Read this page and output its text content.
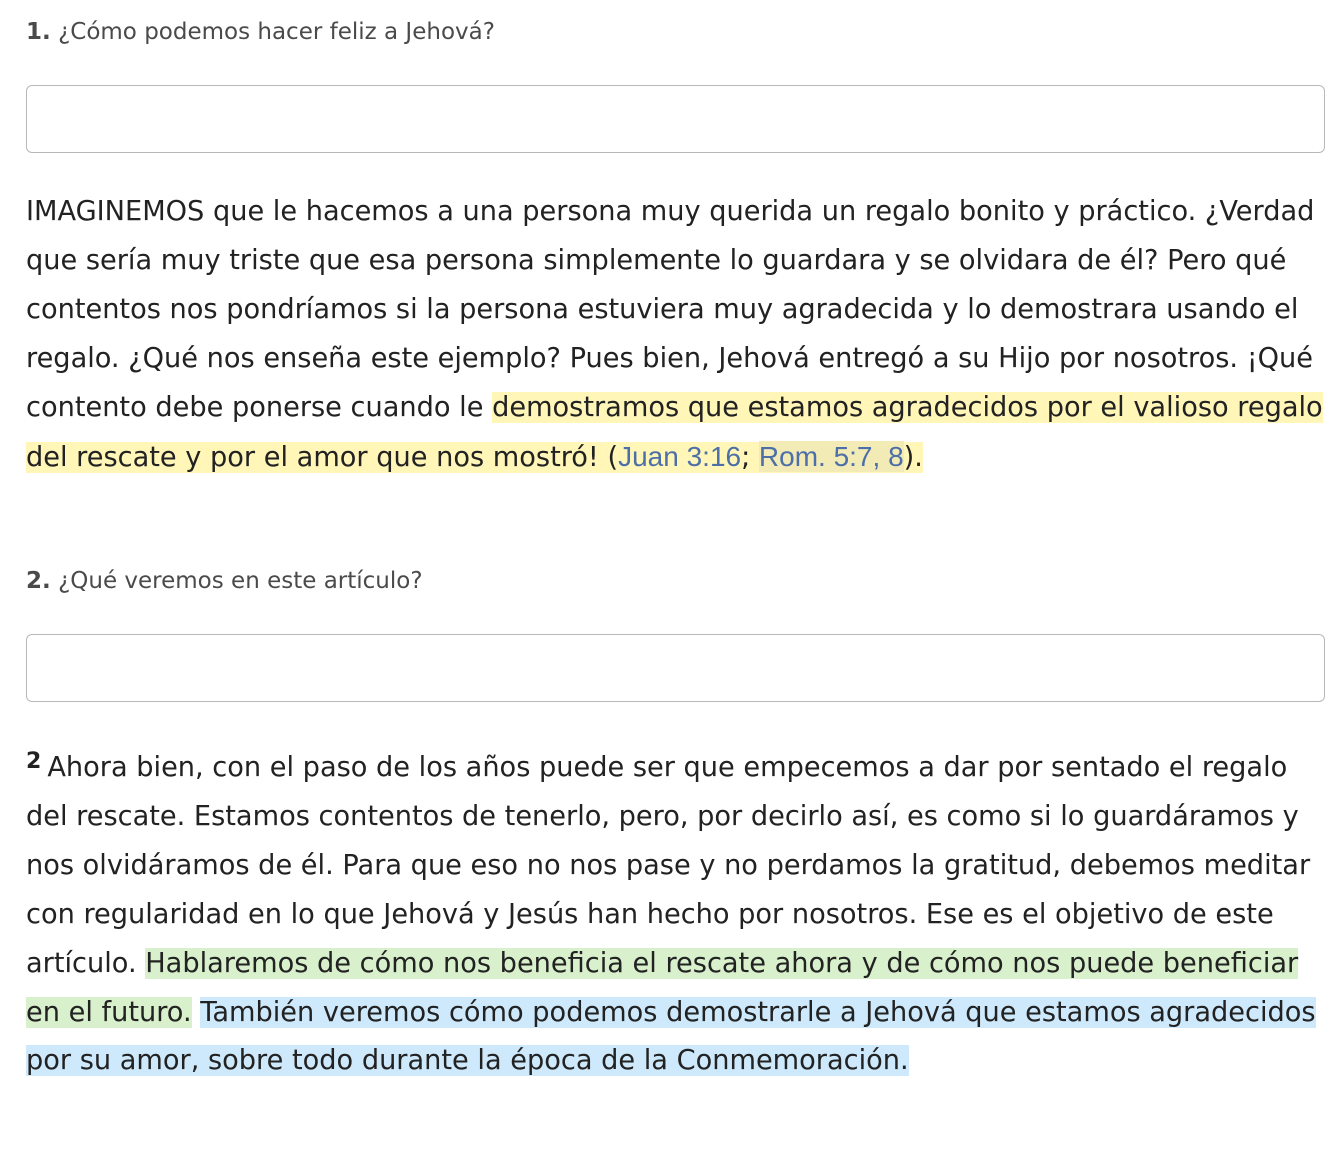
1. ¿Cómo podemos hacer feliz a Jehová?

IMAGINEMOS que le hacemos a una persona muy querida un regalo bonito y práctico. ¿Verdad que sería muy triste que esa persona simplemente lo guardara y se olvidara de él? Pero qué contentos nos pondríamos si la persona estuviera muy agradecida y lo demostrara usando el regalo. ¿Qué nos enseña este ejemplo? Pues bien, Jehová entregó a su Hijo por nosotros. ¡Qué contento debe ponerse cuando le demostramos que estamos agradecidos por el valioso regalo del rescate y por el amor que nos mostró! (Juan 3:16; Rom. 5:7, 8).

2. ¿Qué veremos en este artículo?

$^2$ Ahora bien, con el paso de los años puede ser que empecemos a dar por sentado el regalo del rescate. Estamos contentos de tenerlo, pero, por decirlo así, es como si lo guardáramos y nos olvidáramos de él. Para que eso no nos pase y no perdamos la gratitud, debemos meditar con regularidad en lo que Jehová y Jesús han hecho por nosotros. Ese es el objetivo de este artículo. Hablaremos de cómo nos beneficia el rescate ahora y de cómo nos puede beneficiar en el futuro. También veremos cómo podemos demostrarle a Jehová que estamos agradecidos por su amor, sobre todo durante la época de la Conmemoración.
